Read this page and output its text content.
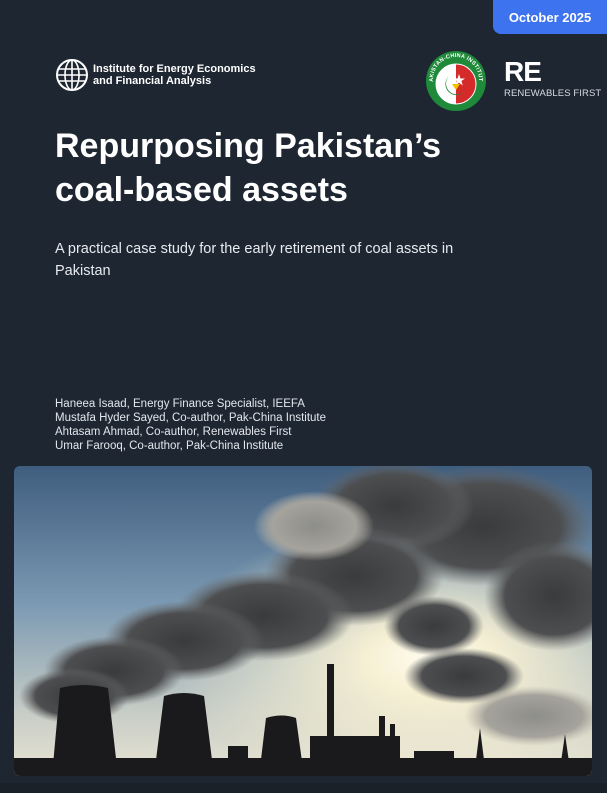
October 2025
Institute for Energy Economics
and Financial Analysis	AKISTAN-CHINA INSTITUT RE
RENEWABLES FIRST
Repurposing Pakistan’s
coal-based assets

A practical case study for the early retirement of coal assets in Pakistan

Haneea Isaad, Energy Finance Specialist, IEEFA
Mustafa Hyder Sayed, Co-author, Pak-China Institute
Ahtasam Ahmad, Co-author, Renewables First
Umar Farooq, Co-author, Pak-China Institute
